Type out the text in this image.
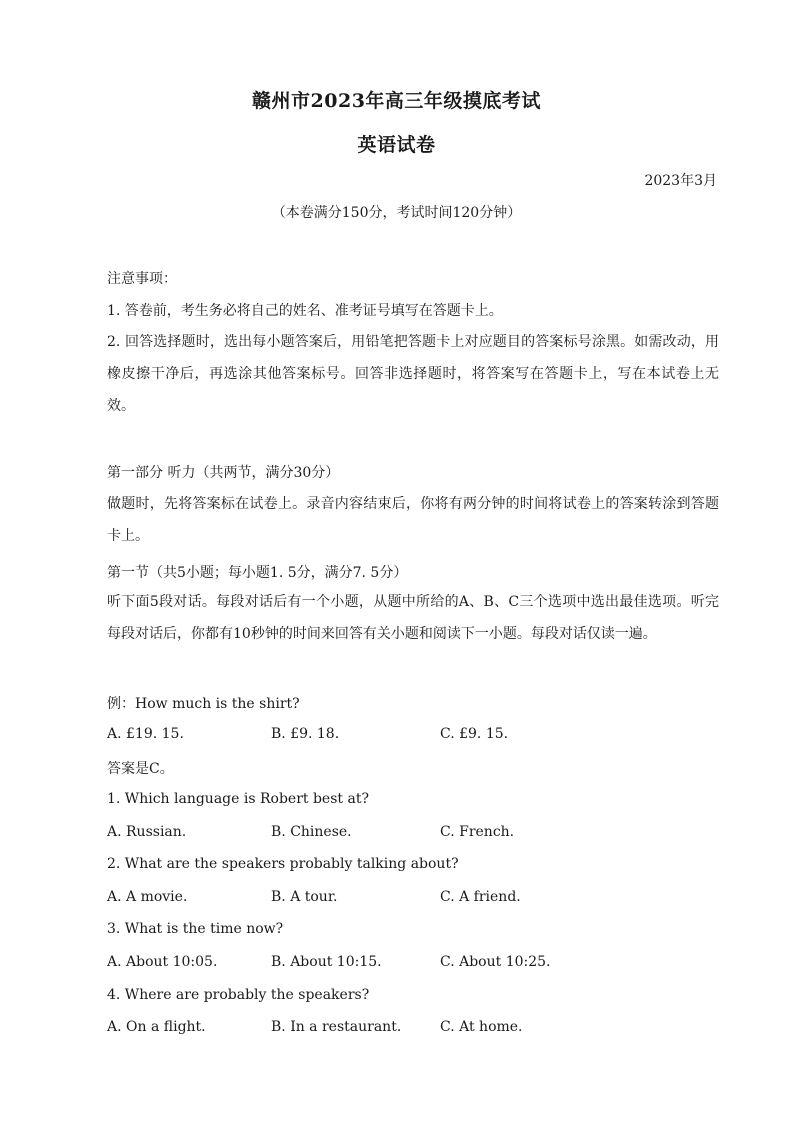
赣州市2023年高三年级摸底考试
英语试卷
2023年3月
（本卷满分150分，考试时间120分钟）
注意事项：
1. 答卷前，考生务必将自己的姓名、准考证号填写在答题卡上。
2. 回答选择题时，选出每小题答案后，用铅笔把答题卡上对应题目的答案标号涂黑。如需改动，用橡皮擦干净后，再选涂其他答案标号。回答非选择题时，将答案写在答题卡上，写在本试卷上无效。
第一部分 听力（共两节，满分30分）
做题时，先将答案标在试卷上。录音内容结束后，你将有两分钟的时间将试卷上的答案转涂到答题卡上。
第一节（共5小题；每小题1. 5分，满分7. 5分）
听下面5段对话。每段对话后有一个小题，从题中所给的A、B、C三个选项中选出最佳选项。听完每段对话后，你都有10秒钟的时间来回答有关小题和阅读下一小题。每段对话仅读一遍。
例：How much is the shirt?
A. £19. 15.	B. £9. 18.	C. £9. 15.
答案是C。
1. Which language is Robert best at?
A. Russian.	B. Chinese.	C. French.
2. What are the speakers probably talking about?
A. A movie.	B. A tour.	C. A friend.
3. What is the time now?
A. About 10:05.	B. About 10:15.	C. About 10:25.
4. Where are probably the speakers?
A. On a flight.	B. In a restaurant.	C. At home.
